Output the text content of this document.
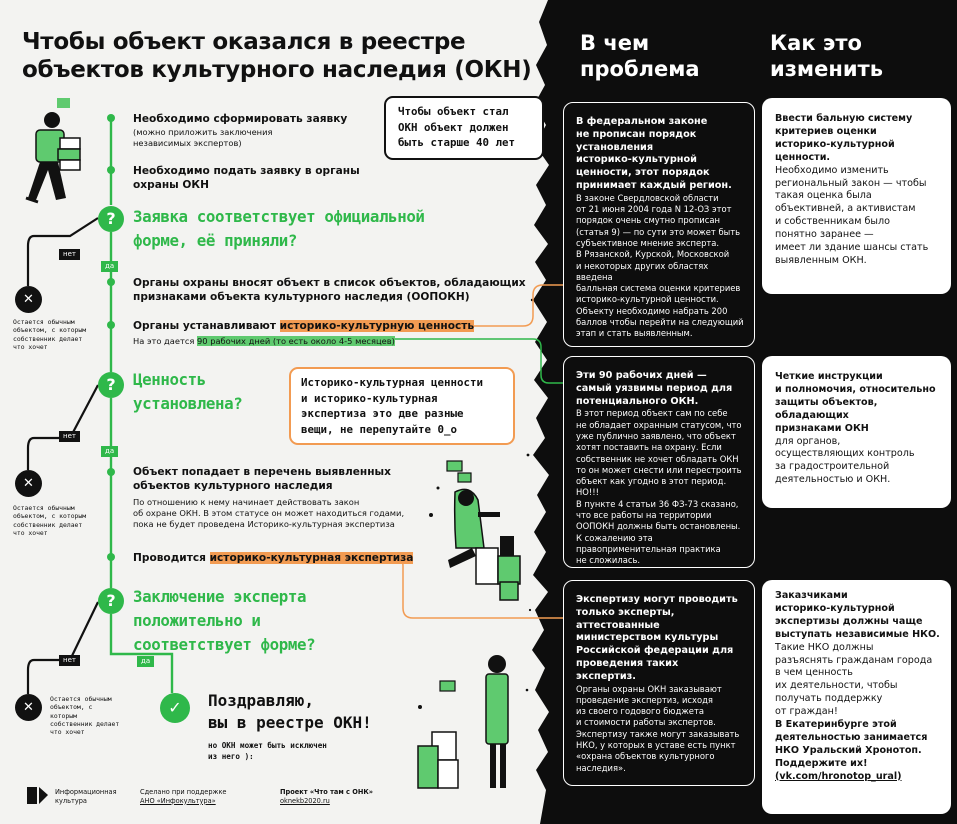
Чтобы объект оказался в реестре
объектов культурного наследия (ОКН)
В чем
проблема
Как это
изменить
Необходимо сформировать заявку
(можно приложить заключения
независимых экспертов)
Необходимо подать заявку в органы
охраны ОКН
?	Заявка соответствует официальной
форме, её приняли?
нет
да
✕
Остается обычным
объектом, с которым
собственник делает
что хочет
Органы охраны вносят объект в список объектов, обладающих
признаками объекта культурного наследия (ООПОКН)
Органы устанавливают историко-культурную ценность
На это дается 90 рабочих дней (то есть около 4-5 месяцев)
?	Ценность
установлена?
нет
да
✕
Остается обычным
объектом, с которым
собственник делает
что хочет
Объект попадает в перечень выявленных
объектов культурного наследия
По отношению к нему начинает действовать закон
об охране ОКН. В этом статусе он может находиться годами,
пока не будет проведена Историко-культурная экспертиза
Проводится историко-культурная экспертиза
?	Заключение эксперта
положительно и
соответствует форме?
нет	да
✕
Остается обычным
объектом, с которым
собственник делает
что хочет
✓	Поздравляю,
вы в реестре ОКН!
но ОКН может быть исключен
из него ):
Чтобы объект стал
ОКН объект должен
быть старше 40 лет
Историко-культурная ценности
и историко-культурная
экспертиза это две разные
вещи, не перепутайте 0_о
В федеральном законе
не прописан порядок
установления
историко-культурной
ценности, этот порядок
принимает каждый регион.
В законе Свердловской области
от 21 июня 2004 года N 12-ОЗ этот
порядок очень смутно прописан
(статья 9) — по сути это может быть
субъективное мнение эксперта.
В Рязанской, Курской, Московской
и некоторых других областях введена
балльная система оценки критериев
историко-культурной ценности.
Объекту необходимо набрать 200
баллов чтобы перейти на следующий
этап и стать выявленным.
Эти 90 рабочих дней —
самый уязвимы период для
потенциального ОКН.
В этот период объект сам по себе
не обладает охранным статусом, что
уже публично заявлено, что объект
хотят поставить на охрану. Если
собственник не хочет обладать ОКН
то он может снести или перестроить
объект как угодно в этот период. НО!!!
В пункте 4 статьи 36 ФЗ-73 сказано,
что все работы на территории
ООПОКН должны быть остановлены.
К сожалению эта
правоприменительная практика
не сложилась.
Экспертизу могут проводить
только эксперты,
аттестованные
министерством культуры
Российской федерации для
проведения таких
экспертиз.
Органы охраны ОКН заказывают
проведение экспертиз, исходя
из своего годового бюджета
и стоимости работы экспертов.
Экспертизу также могут заказывать
НКО, у которых в уставе есть пункт
«охрана объектов культурного
наследия».
Ввести бальную систему
критериев оценки
историко-культурной
ценности.
Необходимо изменить
региональный закон — чтобы
такая оценка была
объективней, а активистам
и собственникам было
понятно заранее —
имеет ли здание шансы стать
выявленным ОКН.
Четкие инструкции
и полномочия, относительно
защиты объектов,
обладающих
признаками ОКН
для органов,
осуществляющих контроль
за градостроительной
деятельностью и ОКН.
Заказчиками
историко-культурной
экспертизы должны чаще
выступать независимые НКО.
Такие НКО должны
разъяснять гражданам города
в чем ценность
их деятельности, чтобы
получать поддержку
от граждан!
В Екатеринбурге этой
деятельностью занимается
НКО Уральский Хронотоп.
Поддержите их!
(vk.com/hronotop_ural)
Информационная
культура
Сделано при поддержке
АНО «Инфокультура»
Проект «Что там с ОНК»
oknekb2020.ru
